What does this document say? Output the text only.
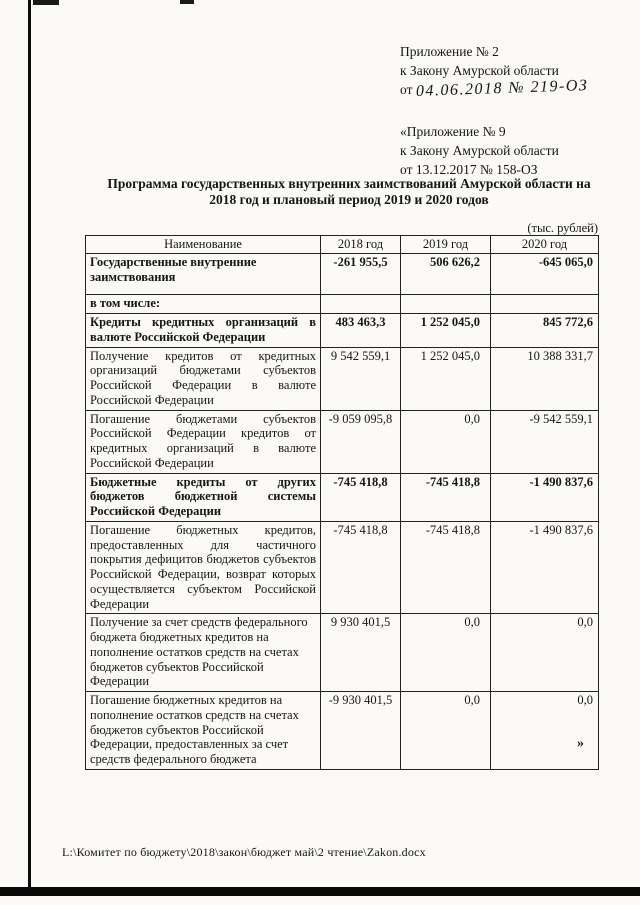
Приложение № 2
к Закону Амурской области
от 04.06.2018 № 219-ОЗ
«Приложение № 9
к Закону Амурской области
от 13.12.2017 № 158-ОЗ
Программа государственных внутренних заимствований Амурской области на 2018 год и плановый период 2019 и 2020 годов
(тыс. рублей)
Наименование	2018 год	2019 год	2020 год
Государственные внутренние заимствования	-261 955,5	506 626,2	-645 065,0
в том числе:			
Кредиты кредитных организаций в валюте Российской Федерации	483 463,3	1 252 045,0	845 772,6
Получение кредитов от кредитных организаций бюджетами субъектов Российской Федерации в валюте Российской Федерации	9 542 559,1	1 252 045,0	10 388 331,7
Погашение бюджетами субъектов Российской Федерации кредитов от кредитных организаций в валюте Российской Федерации	-9 059 095,8	0,0	-9 542 559,1
Бюджетные кредиты от других бюджетов бюджетной системы Российской Федерации	-745 418,8	-745 418,8	-1 490 837,6
Погашение бюджетных кредитов, предоставленных для частичного покрытия дефицитов бюджетов субъектов Российской Федерации, возврат которых осуществляется субъектом Российской Федерации	-745 418,8	-745 418,8	-1 490 837,6
Получение за счет средств федерального бюджета бюджетных кредитов на пополнение остатков средств на счетах бюджетов субъектов Российской Федерации	9 930 401,5	0,0	0,0
Погашение бюджетных кредитов на пополнение остатков средств на счетах бюджетов субъектов Российской Федерации, предоставленных за счет средств федерального бюджета	-9 930 401,5	0,0	0,0
»
L:\Комитет по бюджету\2018\закон\бюджет май\2 чтение\Zakon.docx
